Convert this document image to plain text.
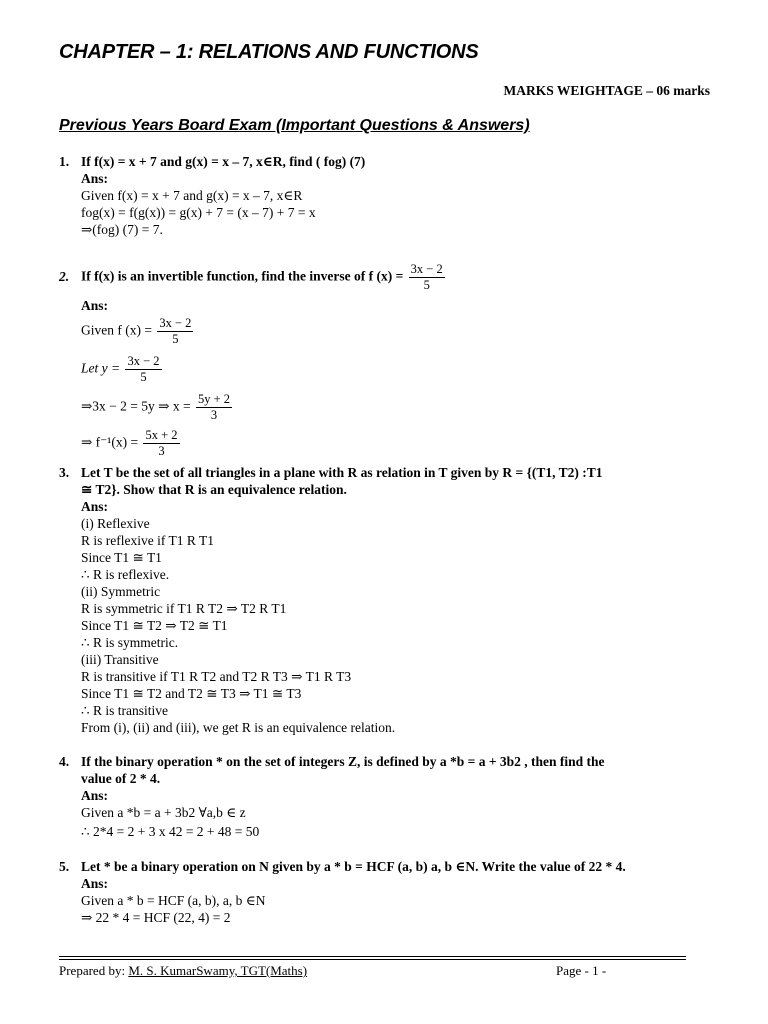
CHAPTER – 1: RELATIONS AND FUNCTIONS
MARKS WEIGHTAGE – 06 marks
Previous Years Board Exam (Important Questions & Answers)
1. If f(x) = x + 7 and g(x) = x – 7, x∈R, find ( fog) (7)
Ans:
Given f(x) = x + 7 and g(x) = x – 7, x∈R
fog(x) = f(g(x)) = g(x) + 7 = (x – 7) + 7 = x
⇒(fog) (7) = 7.
2. If f(x) is an invertible function, find the inverse of f $(x) = \frac{3x - 2}{5}$
Ans:
Given f $(x) = \frac{3x - 2}{5}$
Let $y = \frac{3x - 2}{5}$
⇒3x − 2 = 5y ⇒ $x = \frac{5y + 2}{3}$
⇒ $f^{-1}(x) = \frac{5x + 2}{3}$
3. Let T be the set of all triangles in a plane with R as relation in T given by R = {(T1, T2) :T1
≅ T2}. Show that R is an equivalence relation.
Ans:
(i) Reflexive
R is reflexive if T1 R T1
Since T1 ≅ T1
∴ R is reflexive.
(ii) Symmetric
R is symmetric if T1 R T2 ⇒ T2 R T1
Since T1 ≅ T2 ⇒ T2 ≅ T1
∴ R is symmetric.
(iii) Transitive
R is transitive if T1 R T2 and T2 R T3 ⇒ T1 R T3
Since T1 ≅ T2 and T2 ≅ T3 ⇒ T1 ≅ T3
∴ R is transitive
From (i), (ii) and (iii), we get R is an equivalence relation.
4. If the binary operation * on the set of integers Z, is defined by a *b = a + 3b2 , then find the
value of 2 * 4.
Ans:
Given a *b = a + 3b2 ∀a,b ∈ z
∴ 2*4 = 2 + 3 x 42 = 2 + 48 = 50
5. Let * be a binary operation on N given by a * b = HCF (a, b) a, b ∈N. Write the value of 22 * 4.
Ans:
Given a * b = HCF (a, b), a, b ∈N
⇒ 22 * 4 = HCF (22, 4) = 2
Prepared by: M. S. KumarSwamy, TGT(Maths)	Page - 1 -
